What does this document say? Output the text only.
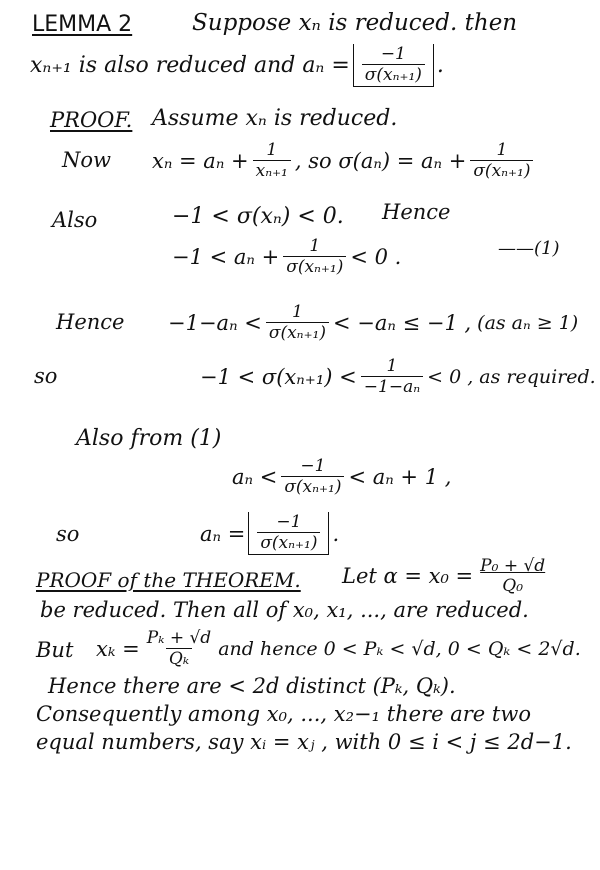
LEMMA 2	Suppose xₙ is reduced. then
xₙ₊₁ is also reduced and $a_n = \frac{-1}{\text{σ(xₙ₊₁)}}$ .
PROOF. Assume xₙ is reduced.
Now $x_n = a_n + \frac{1}{\text{xₙ₊₁}}$ , so $\sigma(a_n) = a_n + \frac{1}{\text{σ(xₙ₊₁)}}$
Also	−1 < σ(xₙ) < 0. Hence
$-1 < a_n + \frac{1}{\text{σ(xₙ₊₁)}} < 0$ .	——(1)
Hence $-1-a_n < \frac{1}{\text{σ(xₙ₊₁)}} < -a_n \le -1$ , (as aₙ ≥ 1)
so	$-1 < \sigma(x_{n+1}) < \frac{1}{\text{−1−aₙ}} < 0$ , as required.
Also from (1)
$a_n < \frac{-1}{\text{σ(xₙ₊₁)}} < a_n + 1$ ,
so	$a_n = \frac{-1}{\text{σ(xₙ₊₁)}}$ .
PROOF of the THEOREM. Let $\alpha = x_0 = \frac{\text{P₀ + √d}}{\text{Q₀}}$
be reduced. Then all of x₀, x₁, ..., are reduced.
But $x_k = \frac{\text{Pₖ + √d}}{\text{Qₖ}}$ and hence 0 < Pₖ < √d, 0 < Qₖ < 2√d.
Hence there are < 2d distinct (Pₖ, Qₖ).
Consequently among x₀, ..., x₂⁤−₁ there are two
equal numbers, say xᵢ = xⱼ , with 0 ≤ i < j ≤ 2d−1.
